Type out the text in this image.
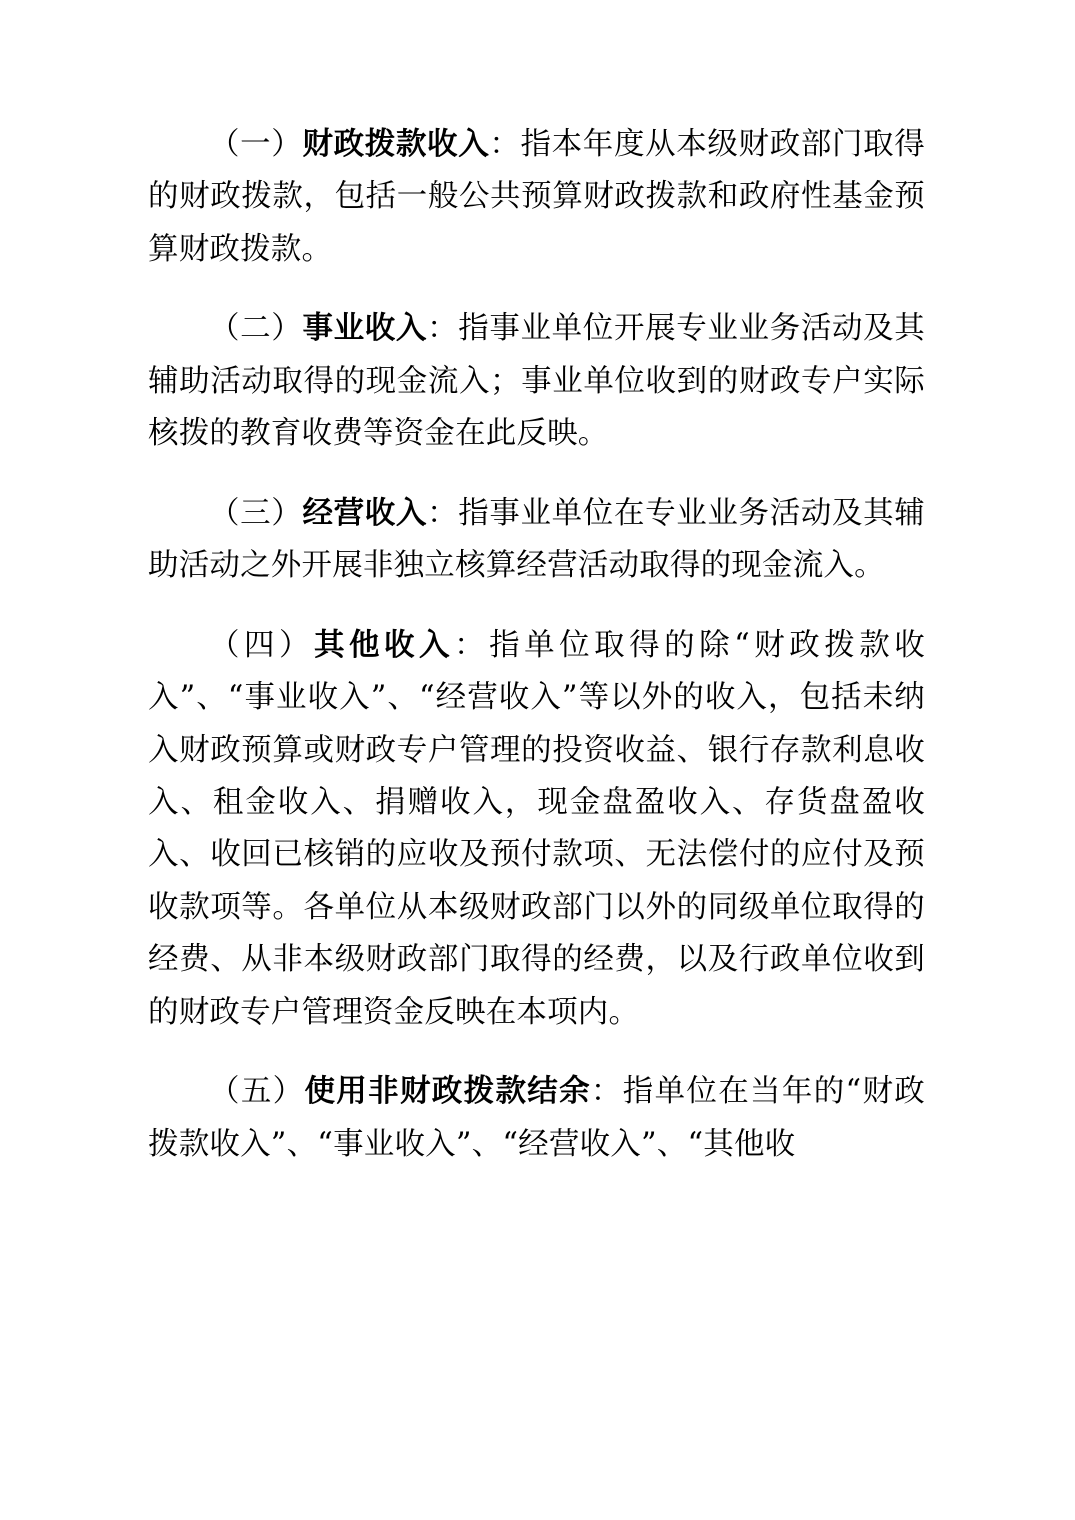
（一）财政拨款收入：指本年度从本级财政部门取得的财政拨款，包括一般公共预算财政拨款和政府性基金预算财政拨款。

（二）事业收入：指事业单位开展专业业务活动及其辅助活动取得的现金流入；事业单位收到的财政专户实际核拨的教育收费等资金在此反映。

（三）经营收入：指事业单位在专业业务活动及其辅助活动之外开展非独立核算经营活动取得的现金流入。

（四）其他收入：指单位取得的除“财政拨款收入”、“事业收入”、“经营收入”等以外的收入，包括未纳入财政预算或财政专户管理的投资收益、银行存款利息收入、租金收入、捐赠收入，现金盘盈收入、存货盘盈收入、收回已核销的应收及预付款项、无法偿付的应付及预收款项等。各单位从本级财政部门以外的同级单位取得的经费、从非本级财政部门取得的经费，以及行政单位收到的财政专户管理资金反映在本项内。

（五）使用非财政拨款结余：指单位在当年的“财政拨款收入”、“事业收入”、“经营收入”、“其他收
